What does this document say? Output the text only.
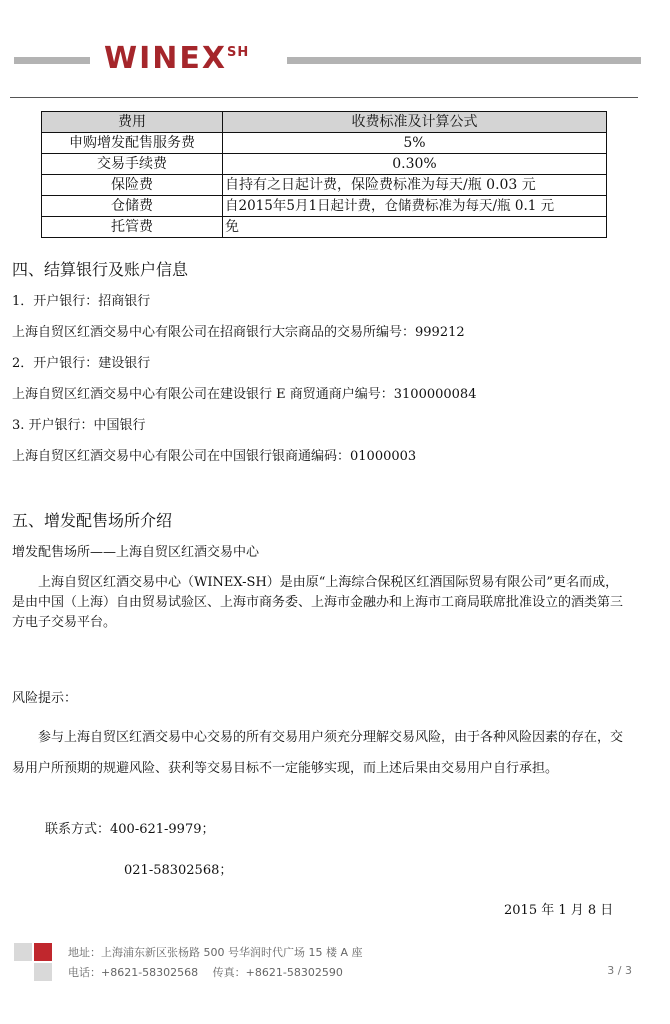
$WINEX^{SH}$
费用	收费标准及计算公式
申购增发配售服务费	5%
交易手续费	0.30%
保险费	自持有之日起计费，保险费标准为每天/瓶 0.03 元
仓储费	自2015年5月1日起计费，仓储费标准为每天/瓶 0.1 元
托管费	免
四、结算银行及账户信息
1．开户银行：招商银行
上海自贸区红酒交易中心有限公司在招商银行大宗商品的交易所编号：999212
2．开户银行：建设银行
上海自贸区红酒交易中心有限公司在建设银行 E 商贸通商户编号：3100000084
3. 开户银行：中国银行
上海自贸区红酒交易中心有限公司在中国银行银商通编码：01000003
五、增发配售场所介绍
增发配售场所——上海自贸区红酒交易中心
　　上海自贸区红酒交易中心（WINEX-SH）是由原“上海综合保税区红酒国际贸易有限公司”更名而成，是由中国（上海）自由贸易试验区、上海市商务委、上海市金融办和上海市工商局联席批准设立的酒类第三方电子交易平台。
风险提示：
　　参与上海自贸区红酒交易中心交易的所有交易用户须充分理解交易风险，由于各种风险因素的存在，交易用户所预期的规避风险、获利等交易目标不一定能够实现，而上述后果由交易用户自行承担。
联系方式：400-621-9979；
021-58302568；
2015 年 1 月 8 日
地址：上海浦东新区张杨路 500 号华润时代广场 15 楼 A 座
电话：+8621-58302568　 传真：+8621-58302590	3 / 3
